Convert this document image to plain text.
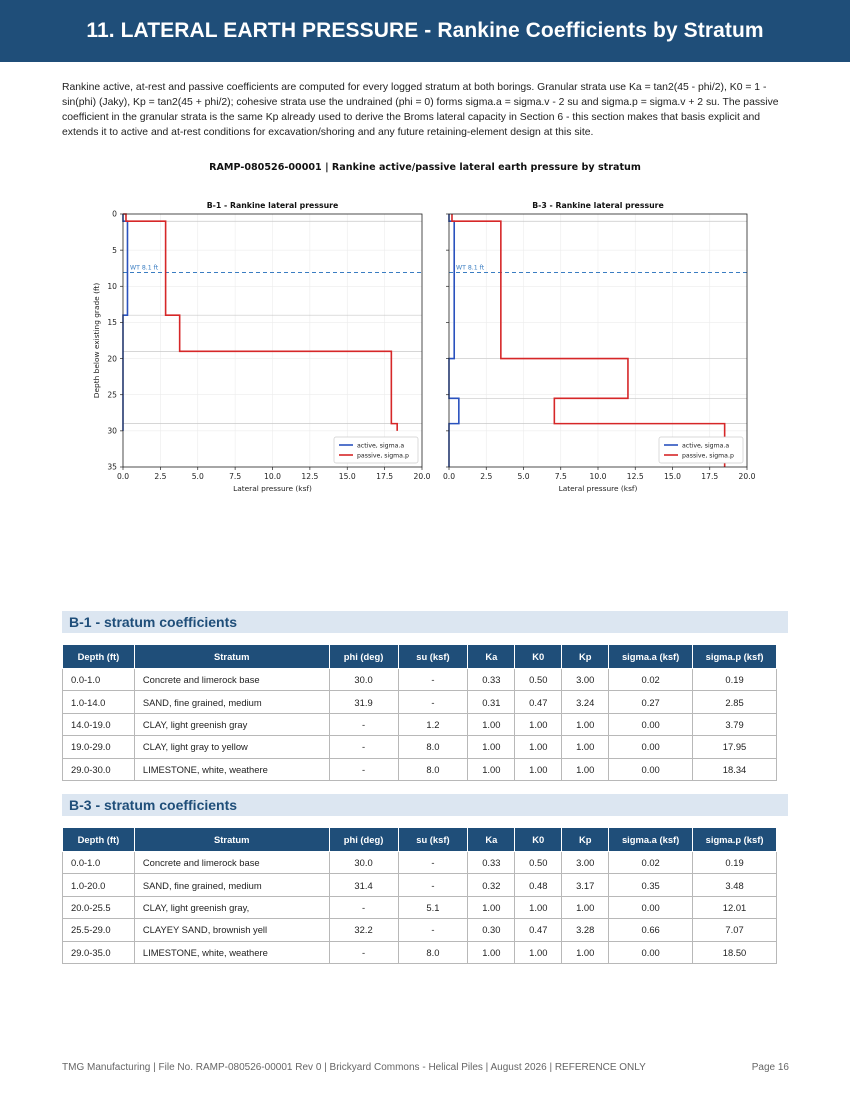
11. LATERAL EARTH PRESSURE - Rankine Coefficients by Stratum

Rankine active, at-rest and passive coefficients are computed for every logged stratum at both borings. Granular strata use Ka = tan2(45 - phi/2), K0 = 1 - sin(phi) (Jaky), Kp = tan2(45 + phi/2); cohesive strata use the undrained (phi = 0) forms sigma.a = sigma.v - 2 su and sigma.p = sigma.v + 2 su. The passive coefficient in the granular strata is the same Kp already used to derive the Broms lateral capacity in Section 6 - this section makes that basis explicit and extends it to active and at-rest conditions for excavation/shoring and any future retaining-element design at this site.

RAMP-080526-00001 | Rankine active/passive lateral earth pressure by stratum
WT 8.1 ft
0.0	2.5	5.0	7.5	10.0	12.5	15.0	17.5	20.0
0
5
10
15
20
25
30
35
B-1 - Rankine lateral pressure
Lateral pressure (ksf)
Depth below existing grade (ft)
active, sigma.a
passive, sigma.p
WT 8.1 ft
0.0	2.5	5.0	7.5	10.0	12.5	15.0	17.5	20.0
B-3 - Rankine lateral pressure
Lateral pressure (ksf)
active, sigma.a
passive, sigma.p
B-1 - stratum coefficients
Depth (ft)	Stratum	phi (deg)	su (ksf)	Ka	K0	Kp	sigma.a (ksf)	sigma.p (ksf)
0.0-1.0	Concrete and limerock base	30.0	-	0.33	0.50	3.00	0.02	0.19
1.0-14.0	SAND, fine grained, medium	31.9	-	0.31	0.47	3.24	0.27	2.85
14.0-19.0	CLAY, light greenish gray	-	1.2	1.00	1.00	1.00	0.00	3.79
19.0-29.0	CLAY, light gray to yellow	-	8.0	1.00	1.00	1.00	0.00	17.95
29.0-30.0	LIMESTONE, white, weathere	-	8.0	1.00	1.00	1.00	0.00	18.34
B-3 - stratum coefficients
Depth (ft)	Stratum	phi (deg)	su (ksf)	Ka	K0	Kp	sigma.a (ksf)	sigma.p (ksf)
0.0-1.0	Concrete and limerock base	30.0	-	0.33	0.50	3.00	0.02	0.19
1.0-20.0	SAND, fine grained, medium	31.4	-	0.32	0.48	3.17	0.35	3.48
20.0-25.5	CLAY, light greenish gray,	-	5.1	1.00	1.00	1.00	0.00	12.01
25.5-29.0	CLAYEY SAND, brownish yell	32.2	-	0.30	0.47	3.28	0.66	7.07
29.0-35.0	LIMESTONE, white, weathere	-	8.0	1.00	1.00	1.00	0.00	18.50
TMG Manufacturing | File No. RAMP-080526-00001 Rev 0 | Brickyard Commons - Helical Piles | August 2026 | REFERENCE ONLY	Page 16
